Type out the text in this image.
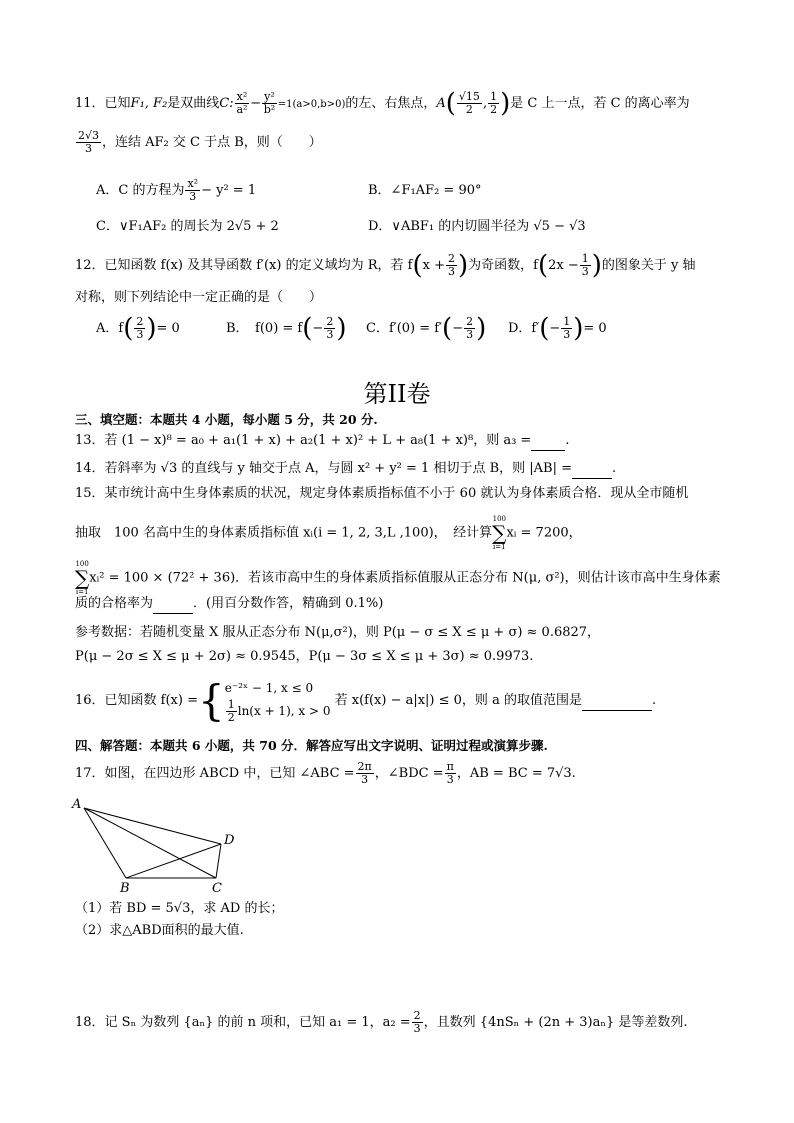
11．已知F₁, F₂是双曲线C: $\frac{\text{x²}}{\text{a²}} - \frac{\text{y²}}{\text{b²}} =1(a>0,b>0)$的左、右焦点，$A( \frac{√15}{2}$ , $\frac{1}{2}$ )是 C 上一点，若 C 的离心率为
$\frac{2√3}{3}$ ，连结 AF₂ 交 C 于点 B，则（　　）
A．C 的方程为 $\frac{\text{x²}}{3} - y^2 = 1$	B．∠F₁AF₂ = 90°
C．∨F₁AF₂ 的周长为 2√5 + 2	D．∨ABF₁ 的内切圆半径为 √5 − √3
12．已知函数 f(x) 及其导函数 f′(x) 的定义域均为 R，若 $f(x + \frac{2}{3}$ )为奇函数，$f(2x - \frac{1}{3}$ )的图象关于 y 轴
对称，则下列结论中一定正确的是（　　）
A．$f( \frac{2}{3}$ )= 0	B．　$f(0) = f(- \frac{2}{3}$ ) C．$f'(0) = f'(- \frac{2}{3}$ ) D．$f'(- \frac{1}{3}$ )= 0
第II卷
三、填空题：本题共 4 小题，每小题 5 分，共 20 分.
13．若 (1 − x)⁸ = a₀ + a₁(1 + x) + a₂(1 + x)² + L + a₈(1 + x)⁸，则 a₃ =	.
14．若斜率为 √3 的直线与 y 轴交于点 A，与圆 x² + y² = 1 相切于点 B，则 |AB| =	.
15．某市统计高中生身体素质的状况，规定身体素质指标值不小于 60 就认为身体素质合格．现从全市随机
抽取　100 名高中生的身体素质指标值 xᵢ(i = 1, 2, 3,L ,100)，　经计算100
∑
i=1xᵢ = 7200，
100
∑
i=1xᵢ² = 100 × (72² + 36)．若该市高中生的身体素质指标值服从正态分布 N(μ, σ²)，则估计该市高中生身体素
质的合格率为	．(用百分数作答，精确到 0.1%)
参考数据：若随机变量 X 服从正态分布 N(μ,σ²)，则 P(μ − σ ≤ X ≤ μ + σ) ≈ 0.6827，
P(μ − 2σ ≤ X ≤ μ + 2σ) ≈ 0.9545，P(μ − 3σ ≤ X ≤ μ + 3σ) ≈ 0.9973.
16．已知函数 f(x) ={ e⁻²ˣ − 1, x ≤ 0
$\frac{1}{2} \ln(x + 1)$, x > 0
若 x(f(x) − a|x|) ≤ 0，则 a 的取值范围是	.
四、解答题：本题共 6 小题，共 70 分．解答应写出文字说明、证明过程或演算步骤.
17．如图，在四边形 ABCD 中，已知 ∠ABC = $\frac{2\pi}{3}$ ，∠BDC = $\frac{\pi}{3}$ ，AB = BC = 7√3.
A
D
B	C
（1）若 BD = 5√3，求 AD 的长；
（2）求△ABD面积的最大值.
18．记 Sₙ 为数列 {aₙ} 的前 n 项和，已知 a₁ = 1，$a_2 = \frac{2}{3}$ ，且数列 {4nSₙ + (2n + 3)aₙ} 是等差数列.
